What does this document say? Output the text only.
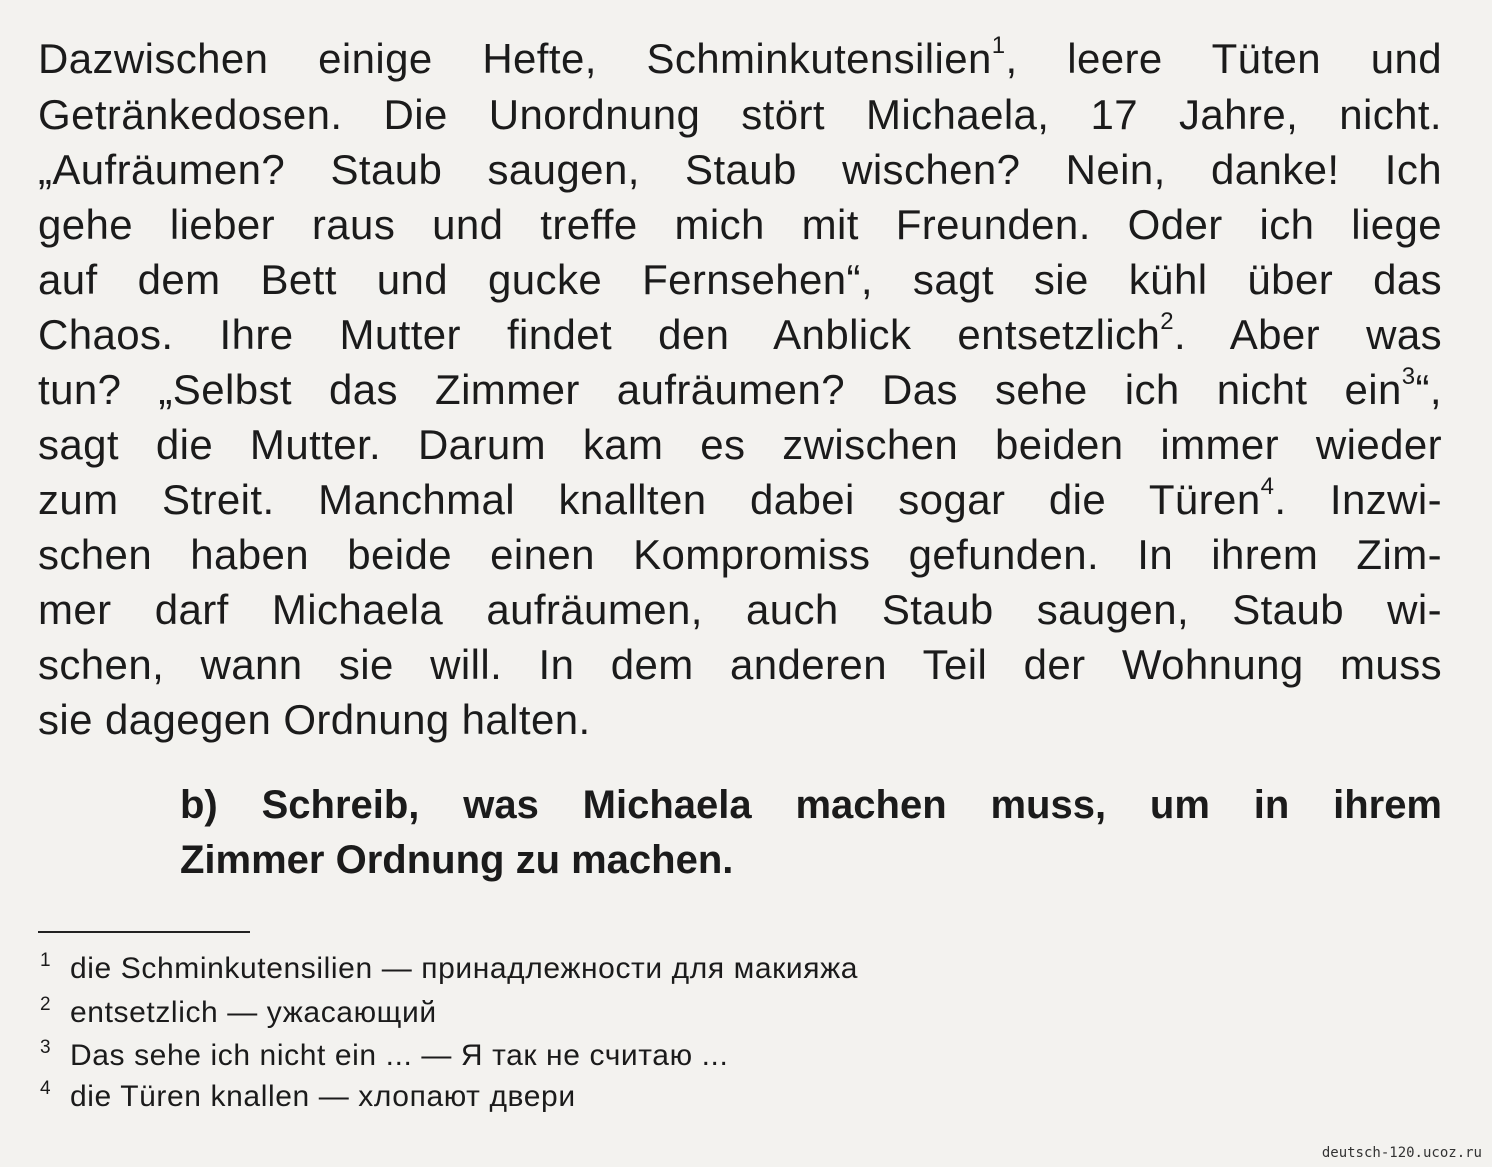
Dazwischen einige Hefte, Schminkutensilien$^1$, leere Tüten und
Getränkedosen. Die Unordnung stört Michaela, 17 Jahre, nicht.
„Aufräumen? Staub saugen, Staub wischen? Nein, danke! Ich
gehe lieber raus und treffe mich mit Freunden. Oder ich liege
auf dem Bett und gucke Fernsehen“, sagt sie kühl über das
Chaos. Ihre Mutter findet den Anblick entsetzlich$^2$. Aber was
tun? „Selbst das Zimmer aufräumen? Das sehe ich nicht ein$^3$“,
sagt die Mutter. Darum kam es zwischen beiden immer wieder
zum Streit. Manchmal knallten dabei sogar die Türen$^4$. Inzwi-
schen haben beide einen Kompromiss gefunden. In ihrem Zim-
mer darf Michaela aufräumen, auch Staub saugen, Staub wi-
schen, wann sie will. In dem anderen Teil der Wohnung muss
sie dagegen Ordnung halten.
b) Schreib, was Michaela machen muss, um in ihrem
Zimmer Ordnung zu machen.
1 die Schminkutensilien — принадлежности для макияжа
2 entsetzlich — ужасающий
3 Das sehe ich nicht ein ... — Я так не считаю ...
4 die Türen knallen — хлопают двери
deutsch-120.ucoz.ru
